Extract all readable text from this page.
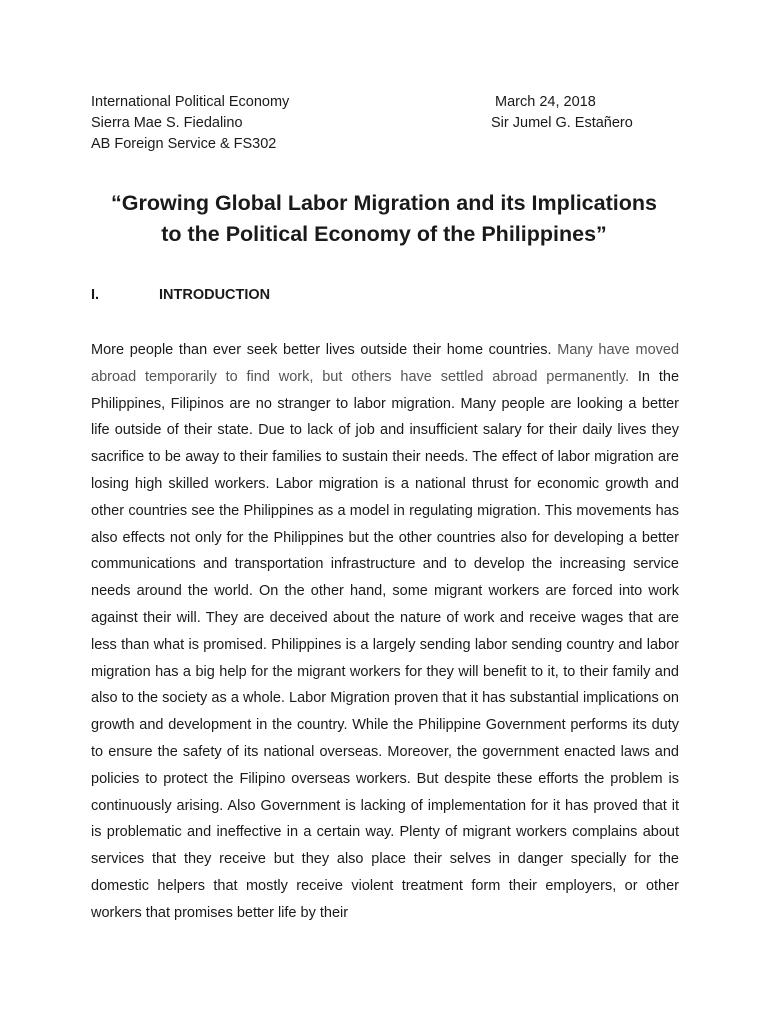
International Political Economy	March 24, 2018
Sierra Mae S. Fiedalino	Sir Jumel G. Estañero
AB Foreign Service & FS302
“Growing Global Labor Migration and its Implications
to the Political Economy of the Philippines”
I.	INTRODUCTION

More people than ever seek better lives outside their home countries. Many have moved abroad temporarily to find work, but others have settled abroad permanently. In the Philippines, Filipinos are no stranger to labor migration. Many people are looking a better life outside of their state. Due to lack of job and insufficient salary for their daily lives they sacrifice to be away to their families to sustain their needs. The effect of labor migration are losing high skilled workers. Labor migration is a national thrust for economic growth and other countries see the Philippines as a model in regulating migration. This movements has also effects not only for the Philippines but the other countries also for developing a better communications and transportation infrastructure and to develop the increasing service needs around the world. On the other hand, some migrant workers are forced into work against their will. They are deceived about the nature of work and receive wages that are less than what is promised. Philippines is a largely sending labor sending country and labor migration has a big help for the migrant workers for they will benefit to it, to their family and also to the society as a whole. Labor Migration proven that it has substantial implications on growth and development in the country. While the Philippine Government performs its duty to ensure the safety of its national overseas. Moreover, the government enacted laws and policies to protect the Filipino overseas workers. But despite these efforts the problem is continuously arising. Also Government is lacking of implementation for it has proved that it is problematic and ineffective in a certain way. Plenty of migrant workers complains about services that they receive but they also place their selves in danger specially for the domestic helpers that mostly receive violent treatment form their employers, or other workers that promises better life by their
